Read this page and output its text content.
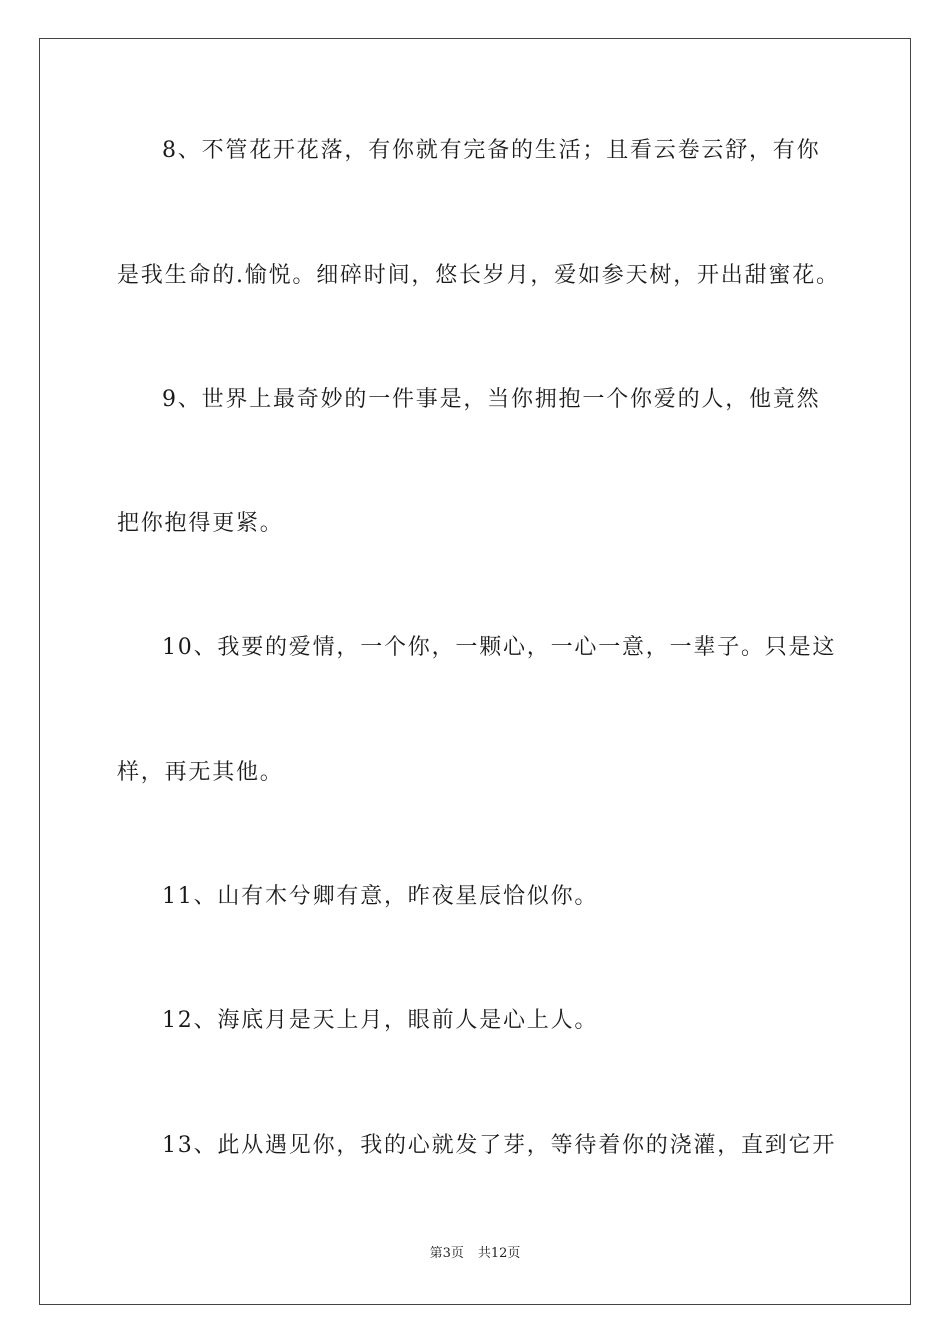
8、不管花开花落，有你就有完备的生活；且看云卷云舒，有你
是我生命的.愉悦。细碎时间，悠长岁月，爱如参天树，开出甜蜜花。
9、世界上最奇妙的一件事是，当你拥抱一个你爱的人，他竟然
把你抱得更紧。
10、我要的爱情，一个你，一颗心，一心一意，一辈子。只是这
样，再无其他。
11、山有木兮卿有意，昨夜星辰恰似你。
12、海底月是天上月，眼前人是心上人。
13、此从遇见你，我的心就发了芽，等待着你的浇灌，直到它开
第3页 共12页
